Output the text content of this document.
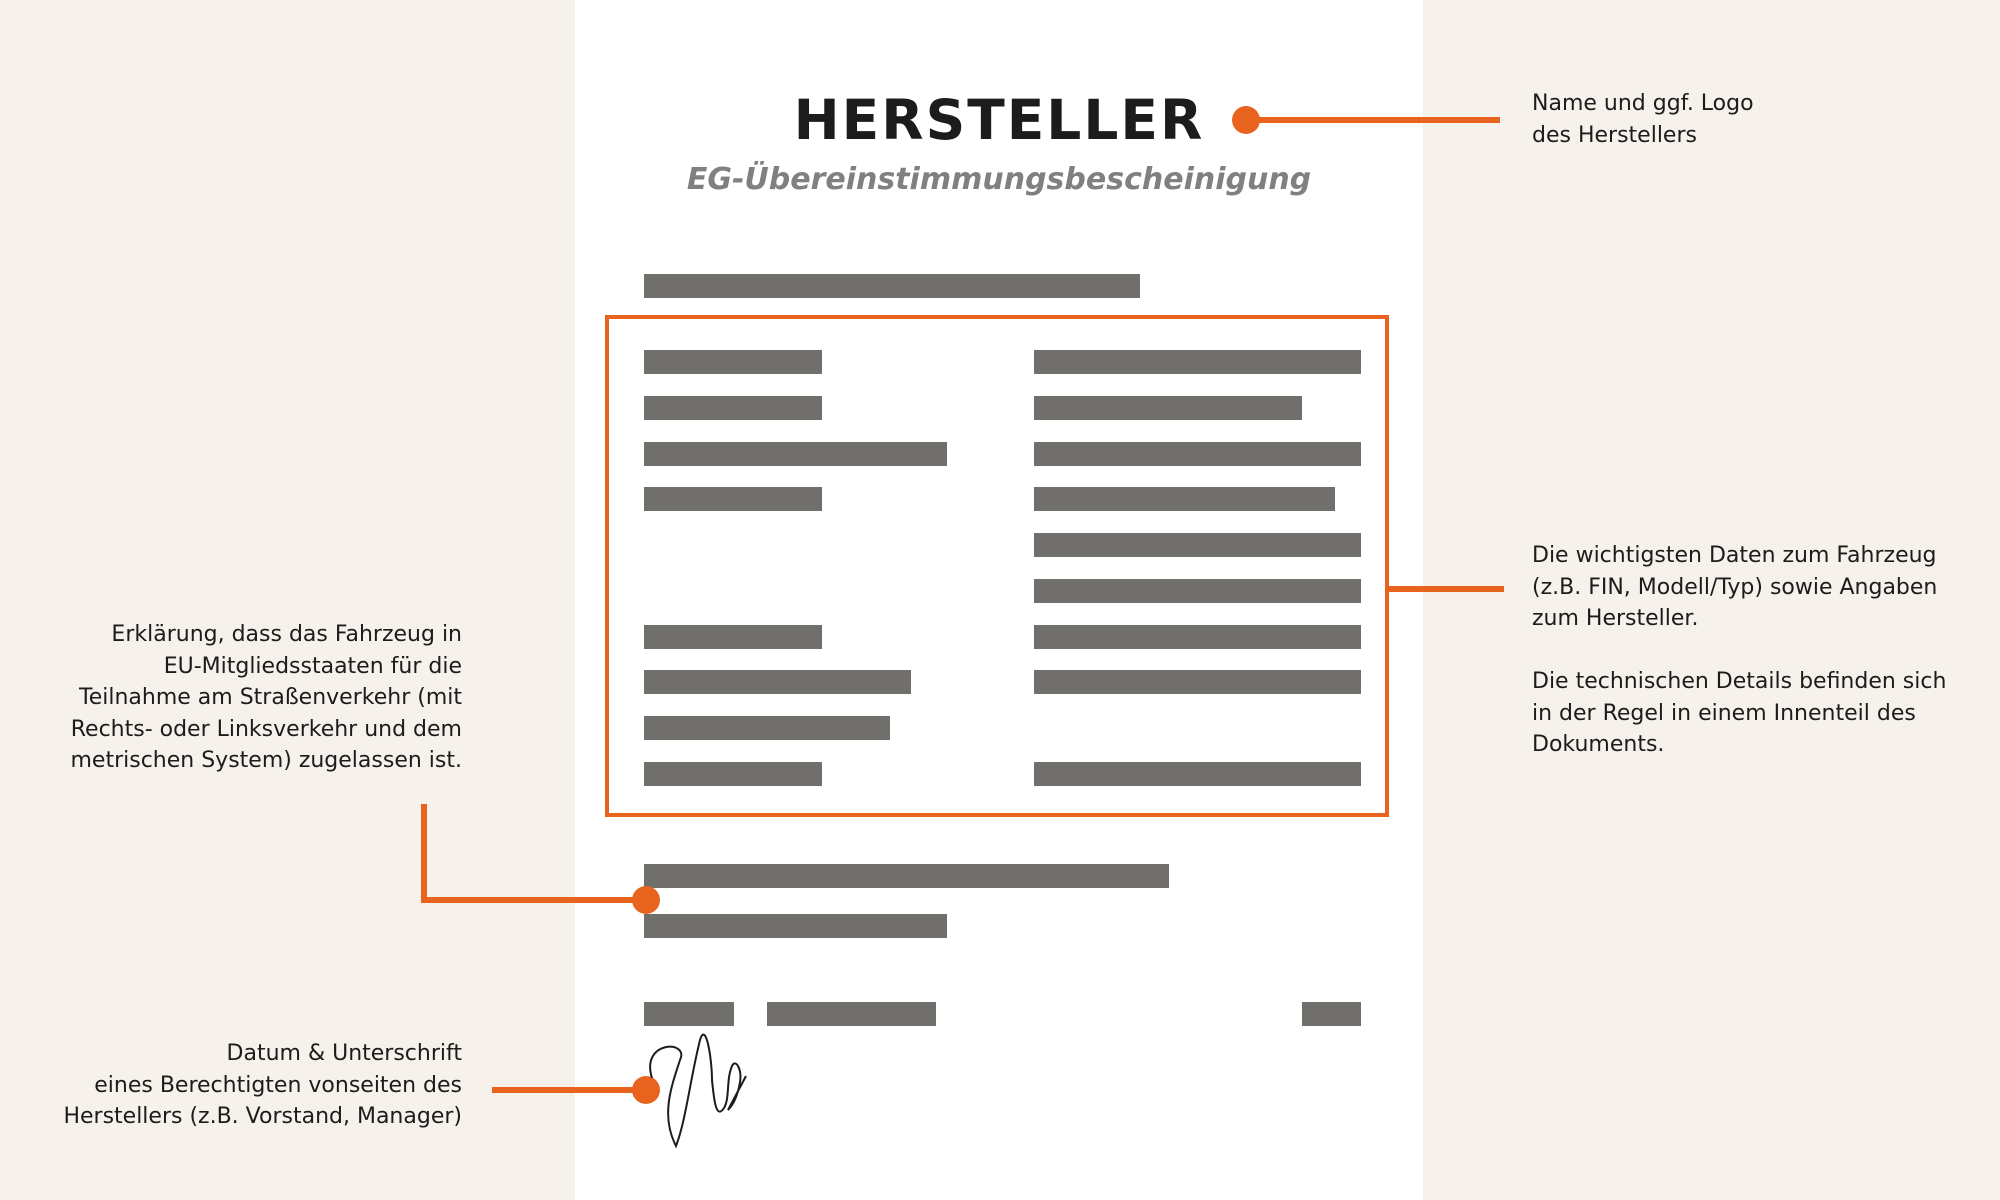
HERSTELLER
EG-Übereinstimmungsbescheinigung
Name und ggf. Logo
des Herstellers
Die wichtigsten Daten zum Fahrzeug
(z.B. FIN, Modell/Typ) sowie Angaben
zum Hersteller.
Die technischen Details befinden sich
in der Regel in einem Innenteil des
Dokuments.
Erklärung, dass das Fahrzeug in
EU-Mitgliedsstaaten für die
Teilnahme am Straßenverkehr (mit
Rechts- oder Linksverkehr und dem
metrischen System) zugelassen ist.
Datum & Unterschrift
eines Berechtigten vonseiten des
Herstellers (z.B. Vorstand, Manager)
